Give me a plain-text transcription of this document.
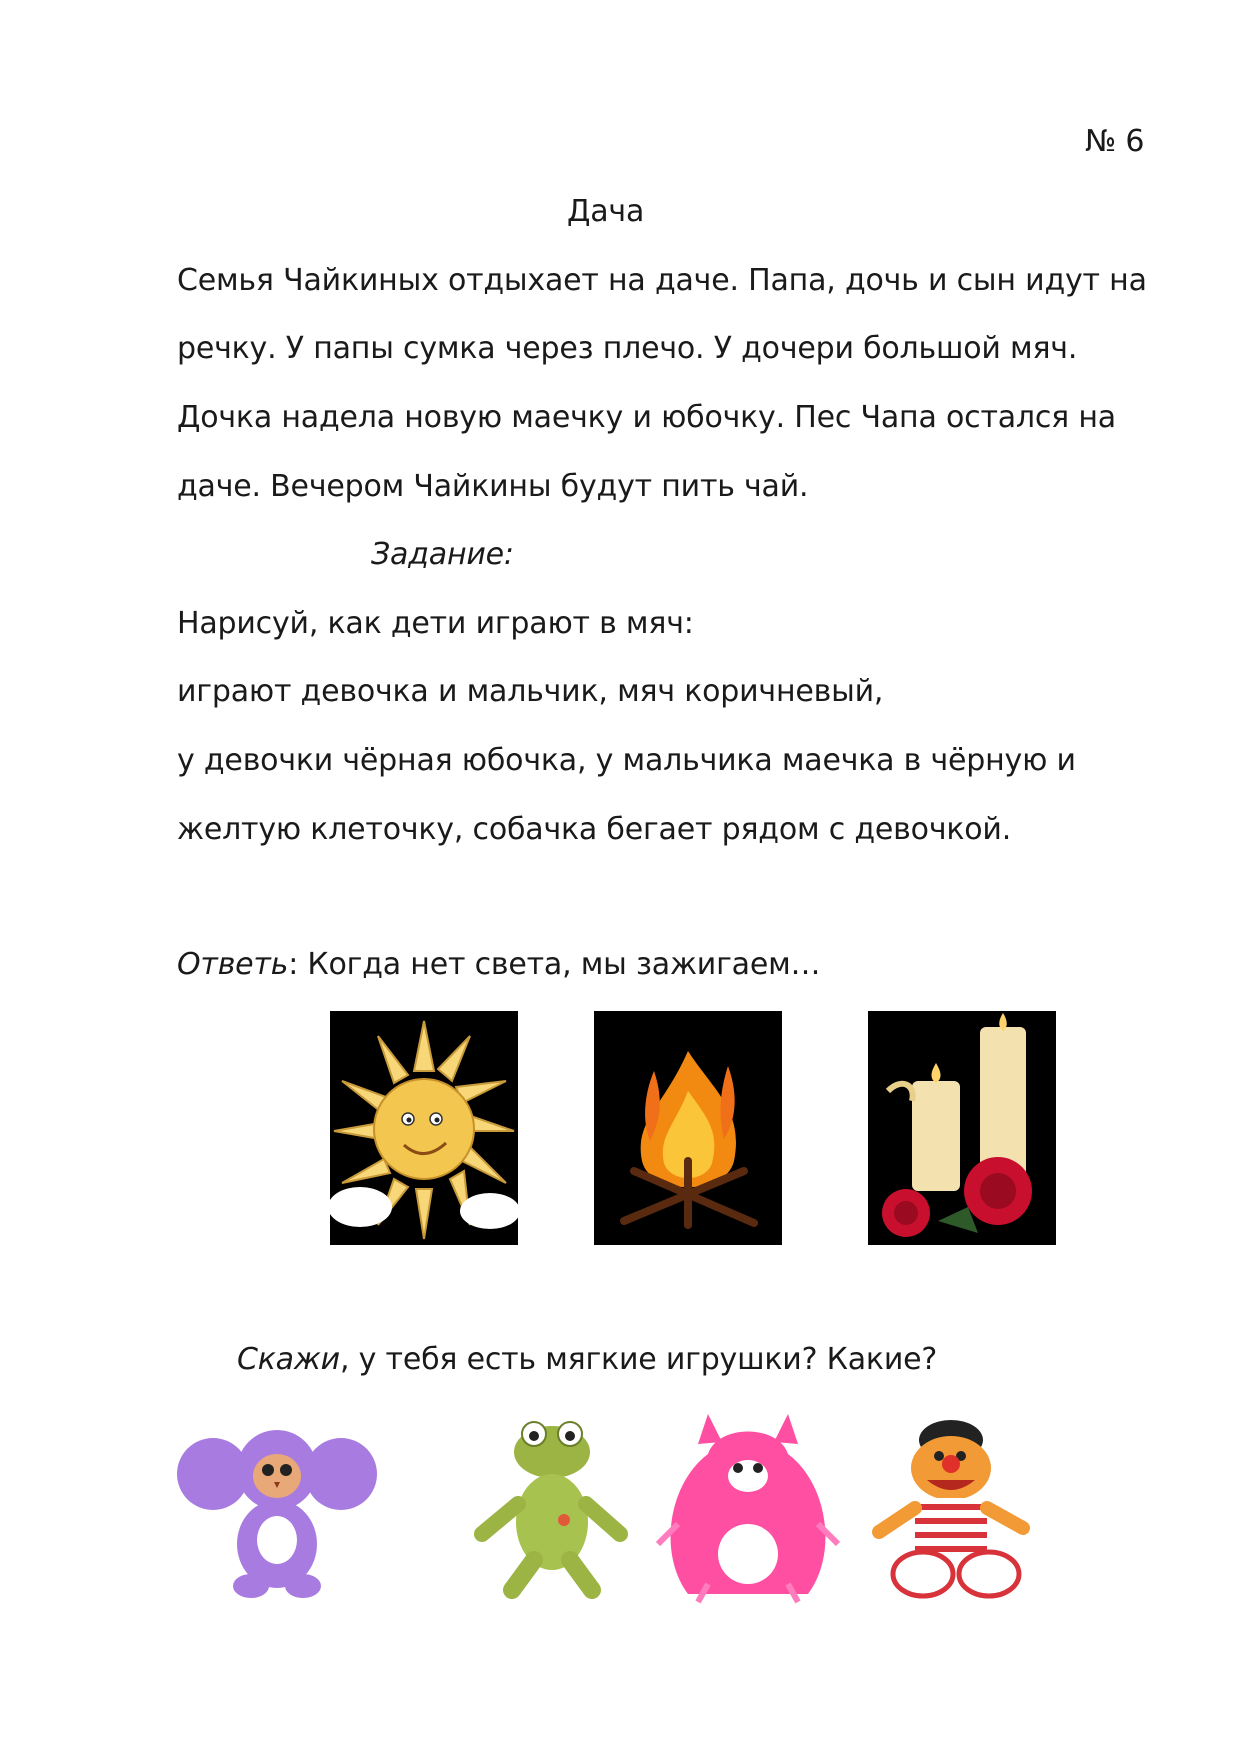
№ 6
Дача
Семья Чайкиных отдыхает на даче. Папа, дочь и сын идут на
речку. У папы сумка через плечо. У дочери большой мяч.
Дочка надела новую маечку и юбочку. Пес Чапа остался на
даче. Вечером Чайкины будут пить чай.
Задание:
Нарисуй, как дети играют в мяч:
играют девочка и мальчик, мяч коричневый,
у девочки чёрная юбочка, у мальчика маечка в чёрную и
желтую клеточку, собачка бегает рядом с девочкой.
Ответь: Когда нет света, мы зажигаем…
Скажи, у тебя есть мягкие игрушки? Какие?
